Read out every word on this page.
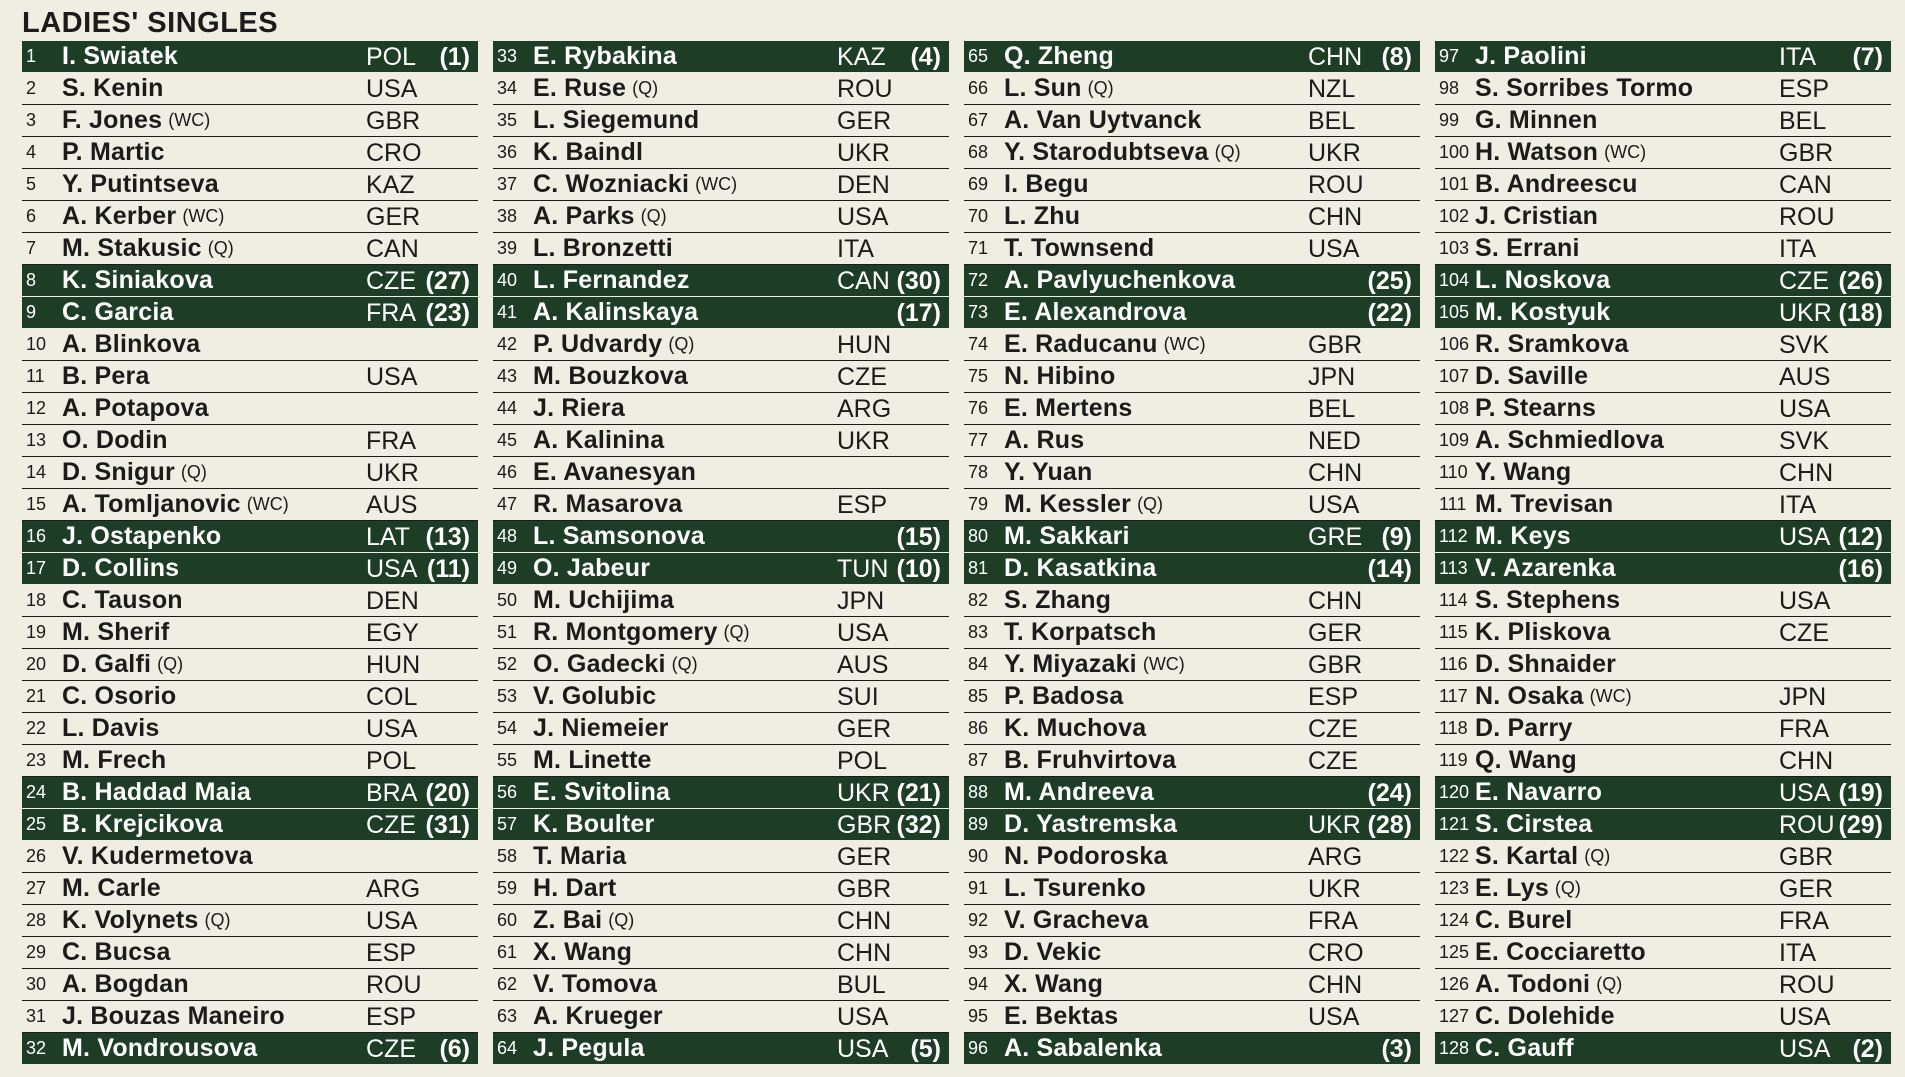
LADIES' SINGLES
1	I. Swiatek	POL (1)
2	S. Kenin	USA
3	F. Jones (WC)	GBR
4	P. Martic	CRO
5	Y. Putintseva	KAZ
6	A. Kerber (WC)	GER
7	M. Stakusic (Q)	CAN
8	K. Siniakova	CZE (27)
9	C. Garcia	FRA (23)
10 A. Blinkova
11 B. Pera	USA
12 A. Potapova
13 O. Dodin	FRA
14 D. Snigur (Q)	UKR
15 A. Tomljanovic (WC)	AUS
16 J. Ostapenko	LAT (13)
17 D. Collins	USA (11)
18 C. Tauson	DEN
19 M. Sherif	EGY
20 D. Galfi (Q)	HUN
21 C. Osorio	COL
22 L. Davis	USA
23 M. Frech	POL
24 B. Haddad Maia	BRA (20)
25 B. Krejcikova	CZE (31)
26 V. Kudermetova
27 M. Carle	ARG
28 K. Volynets (Q)	USA
29 C. Bucsa	ESP
30 A. Bogdan	ROU
31 J. Bouzas Maneiro	ESP
32 M. Vondrousova	CZE (6)
33 E. Rybakina	KAZ (4)
34 E. Ruse (Q)	ROU
35 L. Siegemund	GER
36 K. Baindl	UKR
37 C. Wozniacki (WC)	DEN
38 A. Parks (Q)	USA
39 L. Bronzetti	ITA
40 L. Fernandez	CAN (30)
41 A. Kalinskaya	(17)
42 P. Udvardy (Q)	HUN
43 M. Bouzkova	CZE
44 J. Riera	ARG
45 A. Kalinina	UKR
46 E. Avanesyan
47 R. Masarova	ESP
48 L. Samsonova	(15)
49 O. Jabeur	TUN (10)
50 M. Uchijima	JPN
51 R. Montgomery (Q)	USA
52 O. Gadecki (Q)	AUS
53 V. Golubic	SUI
54 J. Niemeier	GER
55 M. Linette	POL
56 E. Svitolina	UKR (21)
57 K. Boulter	GBR (32)
58 T. Maria	GER
59 H. Dart	GBR
60 Z. Bai (Q)	CHN
61 X. Wang	CHN
62 V. Tomova	BUL
63 A. Krueger	USA
64 J. Pegula	USA (5)
65 Q. Zheng	CHN (8)
66 L. Sun (Q)	NZL
67 A. Van Uytvanck	BEL
68 Y. Starodubtseva (Q)	UKR
69 I. Begu	ROU
70 L. Zhu	CHN
71 T. Townsend	USA
72 A. Pavlyuchenkova	(25)
73 E. Alexandrova	(22)
74 E. Raducanu (WC)	GBR
75 N. Hibino	JPN
76 E. Mertens	BEL
77 A. Rus	NED
78 Y. Yuan	CHN
79 M. Kessler (Q)	USA
80 M. Sakkari	GRE (9)
81 D. Kasatkina	(14)
82 S. Zhang	CHN
83 T. Korpatsch	GER
84 Y. Miyazaki (WC)	GBR
85 P. Badosa	ESP
86 K. Muchova	CZE
87 B. Fruhvirtova	CZE
88 M. Andreeva	(24)
89 D. Yastremska	UKR (28)
90 N. Podoroska	ARG
91 L. Tsurenko	UKR
92 V. Gracheva	FRA
93 D. Vekic	CRO
94 X. Wang	CHN
95 E. Bektas	USA
96 A. Sabalenka	(3)
97 J. Paolini	ITA (7)
98 S. Sorribes Tormo	ESP
99 G. Minnen	BEL
100 H. Watson (WC)	GBR
101 B. Andreescu	CAN
102 J. Cristian	ROU
103 S. Errani	ITA
104 L. Noskova	CZE (26)
105 M. Kostyuk	UKR (18)
106 R. Sramkova	SVK
107 D. Saville	AUS
108 P. Stearns	USA
109 A. Schmiedlova	SVK
110 Y. Wang	CHN
111 M. Trevisan	ITA
112 M. Keys	USA (12)
113 V. Azarenka	(16)
114 S. Stephens	USA
115 K. Pliskova	CZE
116 D. Shnaider
117 N. Osaka (WC)	JPN
118 D. Parry	FRA
119 Q. Wang	CHN
120 E. Navarro	USA (19)
121 S. Cirstea	ROU (29)
122 S. Kartal (Q)	GBR
123 E. Lys (Q)	GER
124 C. Burel	FRA
125 E. Cocciaretto	ITA
126 A. Todoni (Q)	ROU
127 C. Dolehide	USA
128 C. Gauff	USA (2)
